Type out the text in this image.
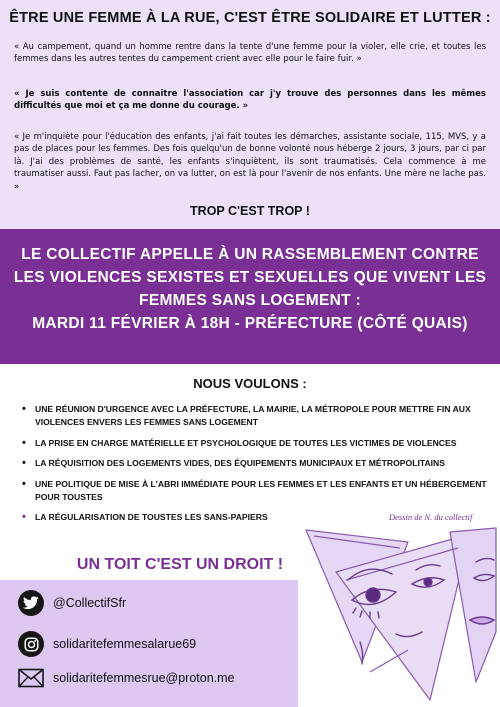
ÊTRE UNE FEMME À LA RUE, C'EST ÊTRE SOLIDAIRE ET LUTTER :

« Au campement, quand un homme rentre dans la tente d'une femme pour la violer, elle crie, et toutes les femmes dans les autres tentes du campement crient avec elle pour le faire fuir. »

« Je suis contente de connaitre l'association car j'y trouve des personnes dans les mêmes difficultés que moi et ça me donne du courage. »

« Je m'inquiète pour l'éducation des enfants, j'ai fait toutes les démarches, assistante sociale, 115, MVS, y a pas de places pour les femmes. Des fois quelqu'un de bonne volonté nous héberge 2 jours, 3 jours, par ci par là. J'ai des problèmes de santé, les enfants s'inquiètent, ils sont traumatisés. Cela commence à me traumatiser aussi. Faut pas lacher, on va lutter, on est là pour l'avenir de nos enfants. Une mère ne lache pas. »

TROP C'EST TROP !
LE COLLECTIF APPELLE À UN RASSEMBLEMENT CONTRE
LES VIOLENCES SEXISTES ET SEXUELLES QUE VIVENT LES
FEMMES SANS LOGEMENT :
MARDI 11 FÉVRIER À 18H - PRÉFECTURE (CÔTÉ QUAIS)
NOUS VOULONS :
• UNE RÉUNION D'URGENCE AVEC LA PRÉFECTURE, LA MAIRIE, LA MÉTROPOLE POUR METTRE FIN AUX VIOLENCES ENVERS LES FEMMES SANS LOGEMENT
• LA PRISE EN CHARGE MATÉRIELLE ET PSYCHOLOGIQUE DE TOUTES LES VICTIMES DE VIOLENCES
• LA RÉQUISITION DES LOGEMENTS VIDES, DES ÉQUIPEMENTS MUNICIPAUX ET MÉTROPOLITAINS
• UNE POLITIQUE DE MISE À L'ABRI IMMÉDIATE POUR LES FEMMES ET LES ENFANTS ET UN HÉBERGEMENT POUR TOUSTES
• LA RÉGULARISATION DE TOUSTES LES SANS-PAPIERS	Dessin de N. du collectif
UN TOIT C'EST UN DROIT !
@CollectifSfr
solidaritefemmesalarue69
solidaritefemmesrue@proton.me
